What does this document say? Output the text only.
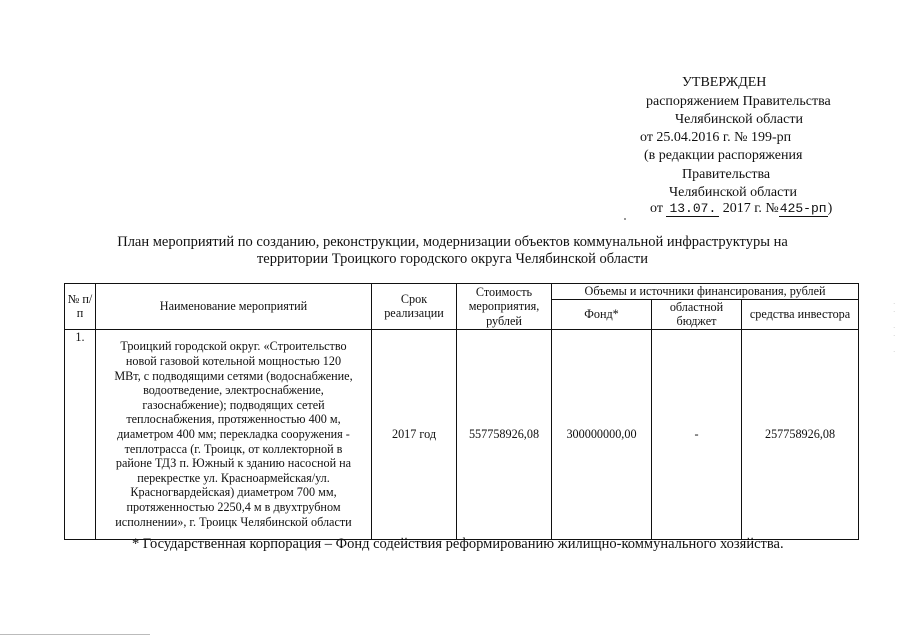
УТВЕРЖДЕН
распоряжением Правительства
Челябинской области
от 25.04.2016 г. № 199-рп
(в редакции распоряжения
Правительства
Челябинской области
от 13.07. 2017 г. №425-рп)
План мероприятий по созданию, реконструкции, модернизации объектов коммунальной инфраструктуры на
территории Троицкого городского округа Челябинской области
№ п/п	Наименование мероприятий	Срок реализации	Стоимость мероприятия, рублей	Объемы и источники финансирования, рублей		
				Фонд*	областной бюджет	средства инвестора
1.	Троицкий городской округ. «Строительство новой газовой котельной мощностью 120 МВт, с подводящими сетями (водоснабжение, водоотведение, электроснабжение, газоснабжение); подводящих сетей теплоснабжения, протяженностью 400 м, диаметром 400 мм; перекладка сооружения - теплотрасса (г. Троицк, от коллекторной в районе ТДЗ п. Южный к зданию насосной на перекрестке ул. Красноармейская/ул. Красногвардейская) диаметром 700 мм, протяженностью 2250,4 м в двухтрубном исполнении», г. Троицк Челябинской области	2017 год	557758926,08	300000000,00	-	257758926,08
* Государственная корпорация – Фонд содействия реформированию жилищно-коммунального хозяйства.
·
·

·
·

·
